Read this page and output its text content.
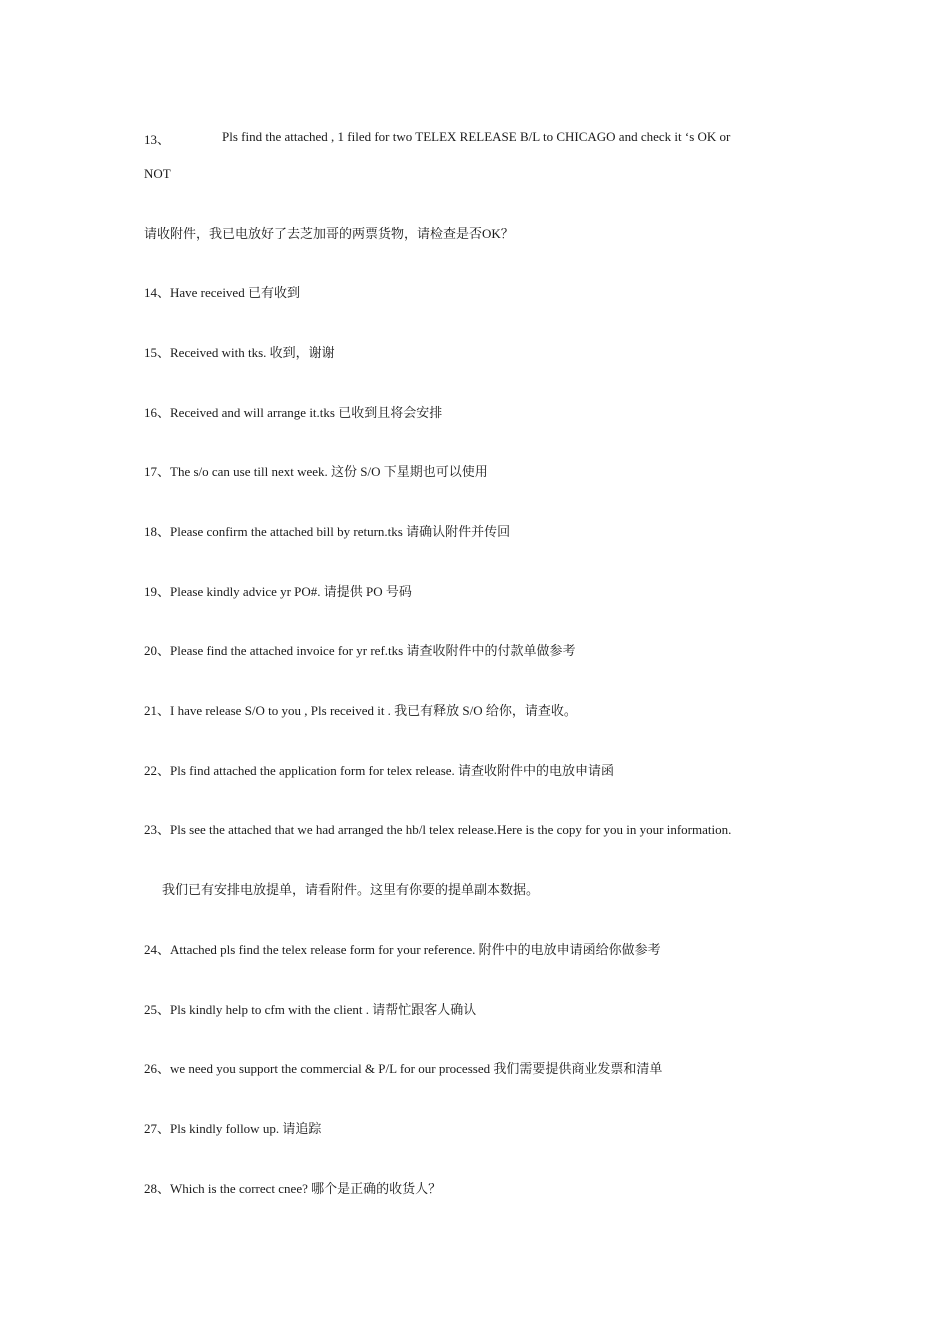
13、	Pls find the attached , 1 filed for two TELEX RELEASE B/L to CHICAGO and check it ‘s OK or
NOT
请收附件，我已电放好了去芝加哥的两票货物，请检查是否OK？
14、Have received 已有收到
15、Received with tks. 收到，谢谢
16、Received and will arrange it.tks 已收到且将会安排
17、The s/o can use till next week. 这份 S/O 下星期也可以使用
18、Please confirm the attached bill by return.tks 请确认附件并传回
19、Please kindly advice yr PO#. 请提供 PO 号码
20、Please find the attached invoice for yr ref.tks 请查收附件中的付款单做参考
21、I have release S/O to you , Pls received it . 我已有释放 S/O 给你，请查收。
22、Pls find attached the application form for telex release. 请查收附件中的电放申请函
23、Pls see the attached that we had arranged the hb/l telex release.Here is the copy for you in your information.
我们已有安排电放提单，请看附件。这里有你要的提单副本数据。
24、Attached pls find the telex release form for your reference. 附件中的电放申请函给你做参考
25、Pls kindly help to cfm with the client . 请帮忙跟客人确认
26、we need you support the commercial & P/L for our processed 我们需要提供商业发票和清单
27、Pls kindly follow up. 请追踪
28、Which is the correct cnee? 哪个是正确的收货人？
